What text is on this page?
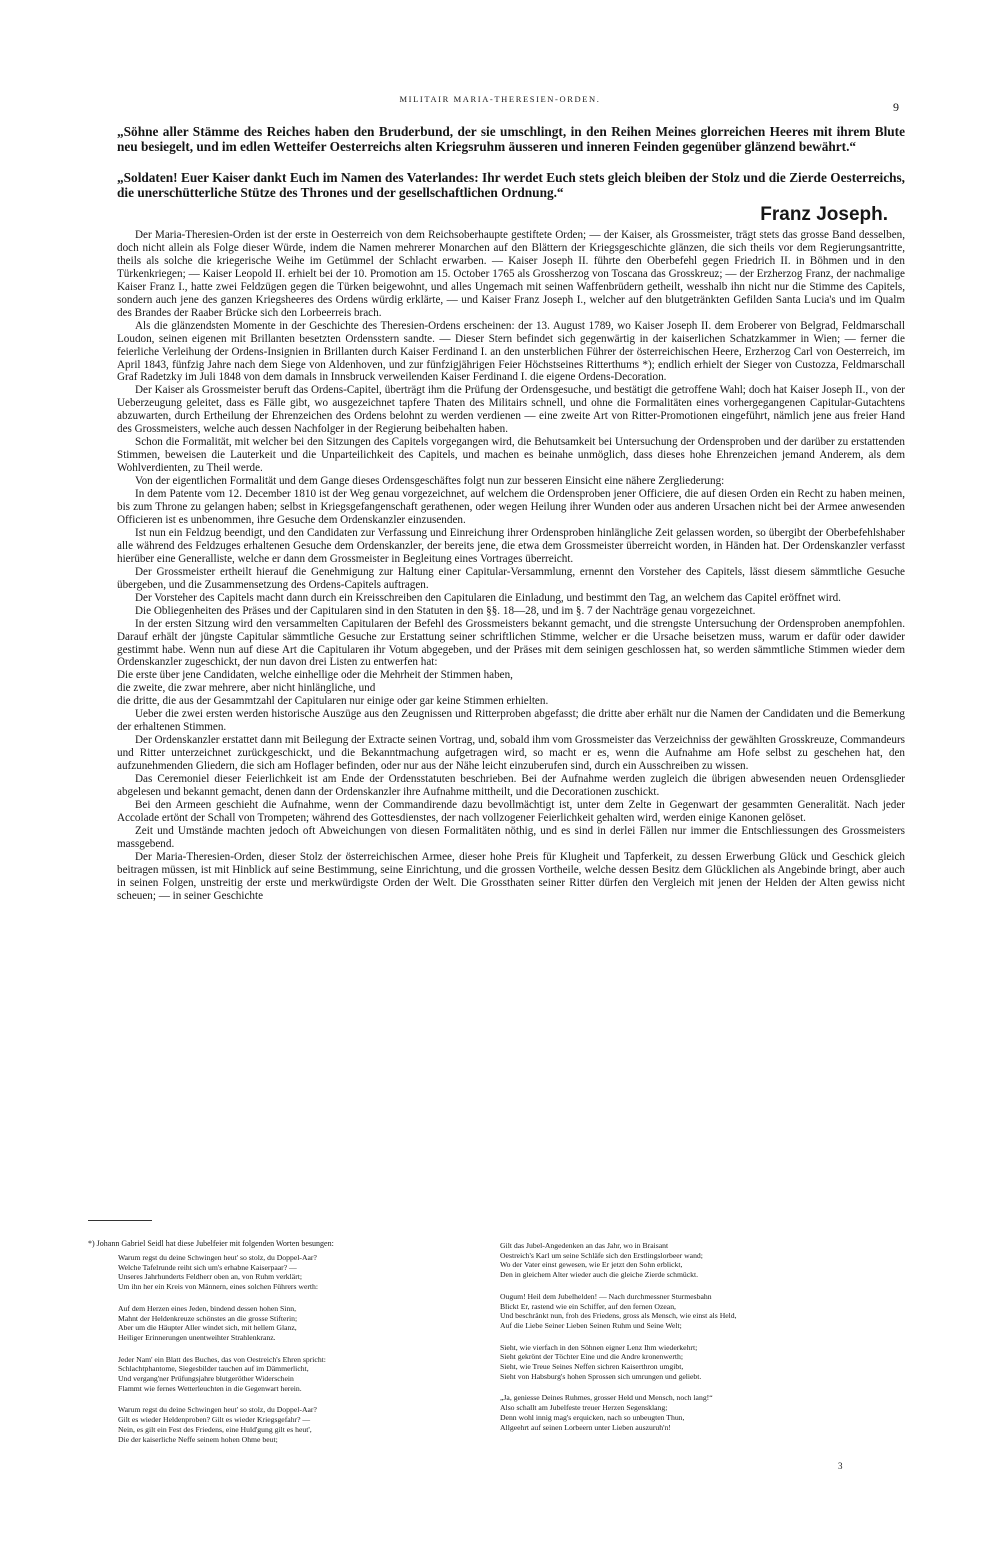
MILITAIR MARIA-THERESIEN-ORDEN.
9
„Söhne aller Stämme des Reiches haben den Bruderbund, der sie umschlingt, in den Reihen Meines glorreichen Heeres mit ihrem Blute neu besiegelt, und im edlen Wetteifer Oesterreichs alten Kriegsruhm äusseren und inneren Feinden gegenüber glänzend bewährt.“
„Soldaten! Euer Kaiser dankt Euch im Namen des Vaterlandes: Ihr werdet Euch stets gleich bleiben der Stolz und die Zierde Oesterreichs, die unerschütterliche Stütze des Thrones und der gesellschaftlichen Ordnung.“
Franz Joseph.

Der Maria-Theresien-Orden ist der erste in Oesterreich von dem Reichsoberhaupte gestiftete Orden; — der Kaiser, als Grossmeister, trägt stets das grosse Band desselben, doch nicht allein als Folge dieser Würde, indem die Namen mehrerer Monarchen auf den Blättern der Kriegsgeschichte glänzen, die sich theils vor dem Regierungsantritte, theils als solche die kriegerische Weihe im Getümmel der Schlacht erwarben. — Kaiser Joseph II. führte den Oberbefehl gegen Friedrich II. in Böhmen und in den Türkenkriegen; — Kaiser Leopold II. erhielt bei der 10. Promotion am 15. October 1765 als Grossherzog von Toscana das Grosskreuz; — der Erzherzog Franz, der nachmalige Kaiser Franz I., hatte zwei Feldzügen gegen die Türken beigewohnt, und alles Ungemach mit seinen Waffenbrüdern getheilt, wesshalb ihn nicht nur die Stimme des Capitels, sondern auch jene des ganzen Kriegsheeres des Ordens würdig erklärte, — und Kaiser Franz Joseph I., welcher auf den blutgetränkten Gefilden Santa Lucia's und im Qualm des Brandes der Raaber Brücke sich den Lorbeerreis brach.

Als die glänzendsten Momente in der Geschichte des Theresien-Ordens erscheinen: der 13. August 1789, wo Kaiser Joseph II. dem Eroberer von Belgrad, Feldmarschall Loudon, seinen eigenen mit Brillanten besetzten Ordensstern sandte. — Dieser Stern befindet sich gegenwärtig in der kaiserlichen Schatzkammer in Wien; — ferner die feierliche Verleihung der Ordens-Insignien in Brillanten durch Kaiser Ferdinand I. an den unsterblichen Führer der österreichischen Heere, Erzherzog Carl von Oesterreich, im April 1843, fünfzig Jahre nach dem Siege von Aldenhoven, und zur fünfzigjährigen Feier Höchstseines Ritterthums *); endlich erhielt der Sieger von Custozza, Feldmarschall Graf Radetzky im Juli 1848 von dem damals in Innsbruck verweilenden Kaiser Ferdinand I. die eigene Ordens-Decoration.

Der Kaiser als Grossmeister beruft das Ordens-Capitel, überträgt ihm die Prüfung der Ordensgesuche, und bestätigt die getroffene Wahl; doch hat Kaiser Joseph II., von der Ueberzeugung geleitet, dass es Fälle gibt, wo ausgezeichnet tapfere Thaten des Militairs schnell, und ohne die Formalitäten eines vorhergegangenen Capitular-Gutachtens abzuwarten, durch Ertheilung der Ehrenzeichen des Ordens belohnt zu werden verdienen — eine zweite Art von Ritter-Promotionen eingeführt, nämlich jene aus freier Hand des Grossmeisters, welche auch dessen Nachfolger in der Regierung beibehalten haben.

Schon die Formalität, mit welcher bei den Sitzungen des Capitels vorgegangen wird, die Behutsamkeit bei Untersuchung der Ordensproben und der darüber zu erstattenden Stimmen, beweisen die Lauterkeit und die Unparteilichkeit des Capitels, und machen es beinahe unmöglich, dass dieses hohe Ehrenzeichen jemand Anderem, als dem Wohlverdienten, zu Theil werde.

Von der eigentlichen Formalität und dem Gange dieses Ordensgeschäftes folgt nun zur besseren Einsicht eine nähere Zergliederung:

In dem Patente vom 12. December 1810 ist der Weg genau vorgezeichnet, auf welchem die Ordensproben jener Officiere, die auf diesen Orden ein Recht zu haben meinen, bis zum Throne zu gelangen haben; selbst in Kriegsgefangenschaft gerathenen, oder wegen Heilung ihrer Wunden oder aus anderen Ursachen nicht bei der Armee anwesenden Officieren ist es unbenommen, ihre Gesuche dem Ordenskanzler einzusenden.

Ist nun ein Feldzug beendigt, und den Candidaten zur Verfassung und Einreichung ihrer Ordensproben hinlängliche Zeit gelassen worden, so übergibt der Oberbefehlshaber alle während des Feldzuges erhaltenen Gesuche dem Ordenskanzler, der bereits jene, die etwa dem Grossmeister überreicht worden, in Händen hat. Der Ordenskanzler verfasst hierüber eine Generalliste, welche er dann dem Grossmeister in Begleitung eines Vortrages überreicht.

Der Grossmeister ertheilt hierauf die Genehmigung zur Haltung einer Capitular-Versammlung, ernennt den Vorsteher des Capitels, lässt diesem sämmtliche Gesuche übergeben, und die Zusammensetzung des Ordens-Capitels auftragen.

Der Vorsteher des Capitels macht dann durch ein Kreisschreiben den Capitularen die Einladung, und bestimmt den Tag, an welchem das Capitel eröffnet wird.

Die Obliegenheiten des Präses und der Capitularen sind in den Statuten in den §§. 18—28, und im §. 7 der Nachträge genau vorgezeichnet.

In der ersten Sitzung wird den versammelten Capitularen der Befehl des Grossmeisters bekannt gemacht, und die strengste Untersuchung der Ordensproben anempfohlen. Darauf erhält der jüngste Capitular sämmtliche Gesuche zur Erstattung seiner schriftlichen Stimme, welcher er die Ursache beisetzen muss, warum er dafür oder dawider gestimmt habe. Wenn nun auf diese Art die Capitularen ihr Votum abgegeben, und der Präses mit dem seinigen geschlossen hat, so werden sämmtliche Stimmen wieder dem Ordenskanzler zugeschickt, der nun davon drei Listen zu entwerfen hat:

Die erste über jene Candidaten, welche einhellige oder die Mehrheit der Stimmen haben,

die zweite, die zwar mehrere, aber nicht hinlängliche, und

die dritte, die aus der Gesammtzahl der Capitularen nur einige oder gar keine Stimmen erhielten.

Ueber die zwei ersten werden historische Auszüge aus den Zeugnissen und Ritterproben abgefasst; die dritte aber erhält nur die Namen der Candidaten und die Bemerkung der erhaltenen Stimmen.

Der Ordenskanzler erstattet dann mit Beilegung der Extracte seinen Vortrag, und, sobald ihm vom Grossmeister das Verzeichniss der gewählten Grosskreuze, Commandeurs und Ritter unterzeichnet zurückgeschickt, und die Bekanntmachung aufgetragen wird, so macht er es, wenn die Aufnahme am Hofe selbst zu geschehen hat, den aufzunehmenden Gliedern, die sich am Hoflager befinden, oder nur aus der Nähe leicht einzuberufen sind, durch ein Ausschreiben zu wissen.

Das Ceremoniel dieser Feierlichkeit ist am Ende der Ordensstatuten beschrieben. Bei der Aufnahme werden zugleich die übrigen abwesenden neuen Ordensglieder abgelesen und bekannt gemacht, denen dann der Ordenskanzler ihre Aufnahme mittheilt, und die Decorationen zuschickt.

Bei den Armeen geschieht die Aufnahme, wenn der Commandirende dazu bevollmächtigt ist, unter dem Zelte in Gegenwart der gesammten Generalität. Nach jeder Accolade ertönt der Schall von Trompeten; während des Gottesdienstes, der nach vollzogener Feierlichkeit gehalten wird, werden einige Kanonen gelöset.

Zeit und Umstände machten jedoch oft Abweichungen von diesen Formalitäten nöthig, und es sind in derlei Fällen nur immer die Entschliessungen des Grossmeisters massgebend.

Der Maria-Theresien-Orden, dieser Stolz der österreichischen Armee, dieser hohe Preis für Klugheit und Tapferkeit, zu dessen Erwerbung Glück und Geschick gleich beitragen müssen, ist mit Hinblick auf seine Bestimmung, seine Einrichtung, und die grossen Vortheile, welche dessen Besitz dem Glücklichen als Angebinde bringt, aber auch in seinen Folgen, unstreitig der erste und merkwürdigste Orden der Welt. Die Grossthaten seiner Ritter dürfen den Vergleich mit jenen der Helden der Alten gewiss nicht scheuen; — in seiner Geschichte

*) Johann Gabriel Seidl hat diese Jubelfeier mit folgenden Worten besungen:
Warum regst du deine Schwingen heut' so stolz, du Doppel-Aar?
Welche Tafelrunde reiht sich um's erhabne Kaiserpaar? —
Unseres Jahrhunderts Feldherr oben an, von Ruhm verklärt;
Um ihn her ein Kreis von Männern, eines solchen Führers werth:
Auf dem Herzen eines Jeden, bindend dessen hohen Sinn,
Mahnt der Heldenkreuze schönstes an die grosse Stifterin;
Aber um die Häupter Aller windet sich, mit hellem Glanz,
Heiliger Erinnerungen unentweihter Strahlenkranz.
Jeder Nam' ein Blatt des Buches, das von Oestreich's Ehren spricht:
Schlachtphantome, Siegesbilder tauchen auf im Dämmerlicht,
Und vergang'ner Prüfungsjahre blutgeröther Widerschein
Flammt wie fernes Wetterleuchten in die Gegenwart herein.
Warum regst du deine Schwingen heut' so stolz, du Doppel-Aar?
Gilt es wieder Heldenproben? Gilt es wieder Kriegsgefahr? —
Nein, es gilt ein Fest des Friedens, eine Huld'gung gilt es heut',
Die der kaiserliche Neffe seinem hohen Ohme beut;
Gilt das Jubel-Angedenken an das Jahr, wo in Braisant
Oestreich's Karl um seine Schläfe sich den Erstlingslorbeer wand;
Wo der Vater einst gewesen, wie Er jetzt den Sohn erblickt,
Den in gleichem Alter wieder auch die gleiche Zierde schmückt.
Ougum! Heil dem Jubelhelden! — Nach durchmessner Sturmesbahn
Blickt Er, rastend wie ein Schiffer, auf den fernen Ozean,
Und beschränkt nun, froh des Friedens, gross als Mensch, wie einst als Held,
Auf die Liebe Seiner Lieben Seinen Ruhm und Seine Welt;
Sieht, wie vierfach in den Söhnen eigner Lenz Ihm wiederkehrt;
Sieht gekrönt der Töchter Eine und die Andre kronenwerth;
Sieht, wie Treue Seines Neffen sichren Kaiserthron umgibt,
Sieht von Habsburg's hohen Sprossen sich umrungen und geliebt.
„Ja, geniesse Deines Ruhmes, grosser Held und Mensch, noch lang!“
Also schallt am Jubelfeste treuer Herzen Segensklang;
Denn wohl innig mag's erquicken, nach so unbeugten Thun,
Allgeehrt auf seinen Lorbeern unter Lieben auszuruh'n!
3
